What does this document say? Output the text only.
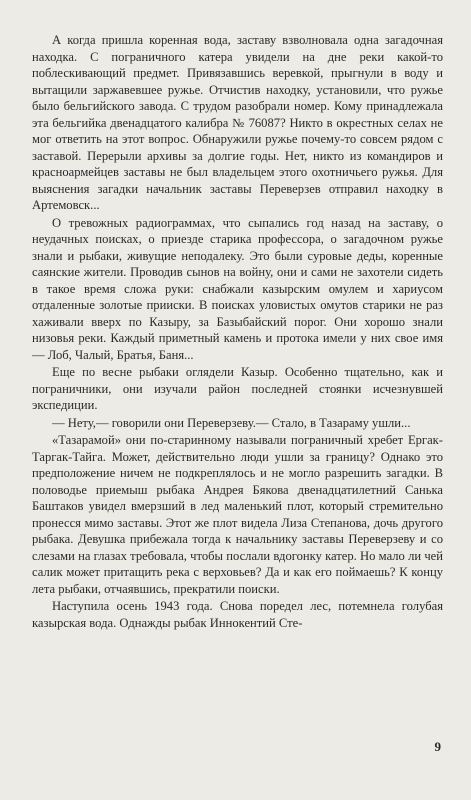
А когда пришла коренная вода, заставу взволновала одна загадочная находка. С пограничного катера увидели на дне реки какой-то поблескивающий предмет. Привязавшись веревкой, прыгнули в воду и вытащили заржавевшее ружье. Отчистив находку, установили, что ружье было бельгийского завода. С трудом разобрали номер. Кому принадлежала эта бельгийка двенадцатого калибра № 76087? Никто в окрестных селах не мог ответить на этот вопрос. Обнаружили ружье почему-то совсем рядом с заставой. Перерыли архивы за долгие годы. Нет, никто из командиров и красноармейцев заставы не был владельцем этого охотничьего ружья. Для выяснения загадки начальник заставы Переверзев отправил находку в Артемовск...

О тревожных радиограммах, что сыпались год назад на заставу, о неудачных поисках, о приезде старика профессора, о загадочном ружье знали и рыбаки, живущие неподалеку. Это были суровые деды, коренные саянские жители. Проводив сынов на войну, они и сами не захотели сидеть в такое время сложа руки: снабжали казырским омулем и хариусом отдаленные золотые прииски. В поисках уловистых омутов старики не раз хаживали вверх по Казыру, за Базыбайский порог. Они хорошо знали низовья реки. Каждый приметный камень и протока имели у них свое имя — Лоб, Чалый, Братья, Баня...

Еще по весне рыбаки оглядели Казыр. Особенно тщательно, как и пограничники, они изучали район последней стоянки исчезнувшей экспедиции.

— Нету,— говорили они Переверзеву.— Стало, в Тазараму ушли...

«Тазарамой» они по-старинному называли пограничный хребет Ергак-Таргак-Тайга. Может, действительно люди ушли за границу? Однако это предположение ничем не подкреплялось и не могло разрешить загадки. В половодье приемыш рыбака Андрея Бякова двенадцатилетний Санька Баштаков увидел вмерзший в лед маленький плот, который стремительно пронесся мимо заставы. Этот же плот видела Лиза Степанова, дочь другого рыбака. Девушка прибежала тогда к начальнику заставы Переверзеву и со слезами на глазах требовала, чтобы послали вдогонку катер. Но мало ли чей салик может притащить река с верховьев? Да и как его поймаешь? К концу лета рыбаки, отчаявшись, прекратили поиски.

Наступила осень 1943 года. Снова поредел лес, потемнела голубая казырская вода. Однажды рыбак Иннокентий Сте-

9
